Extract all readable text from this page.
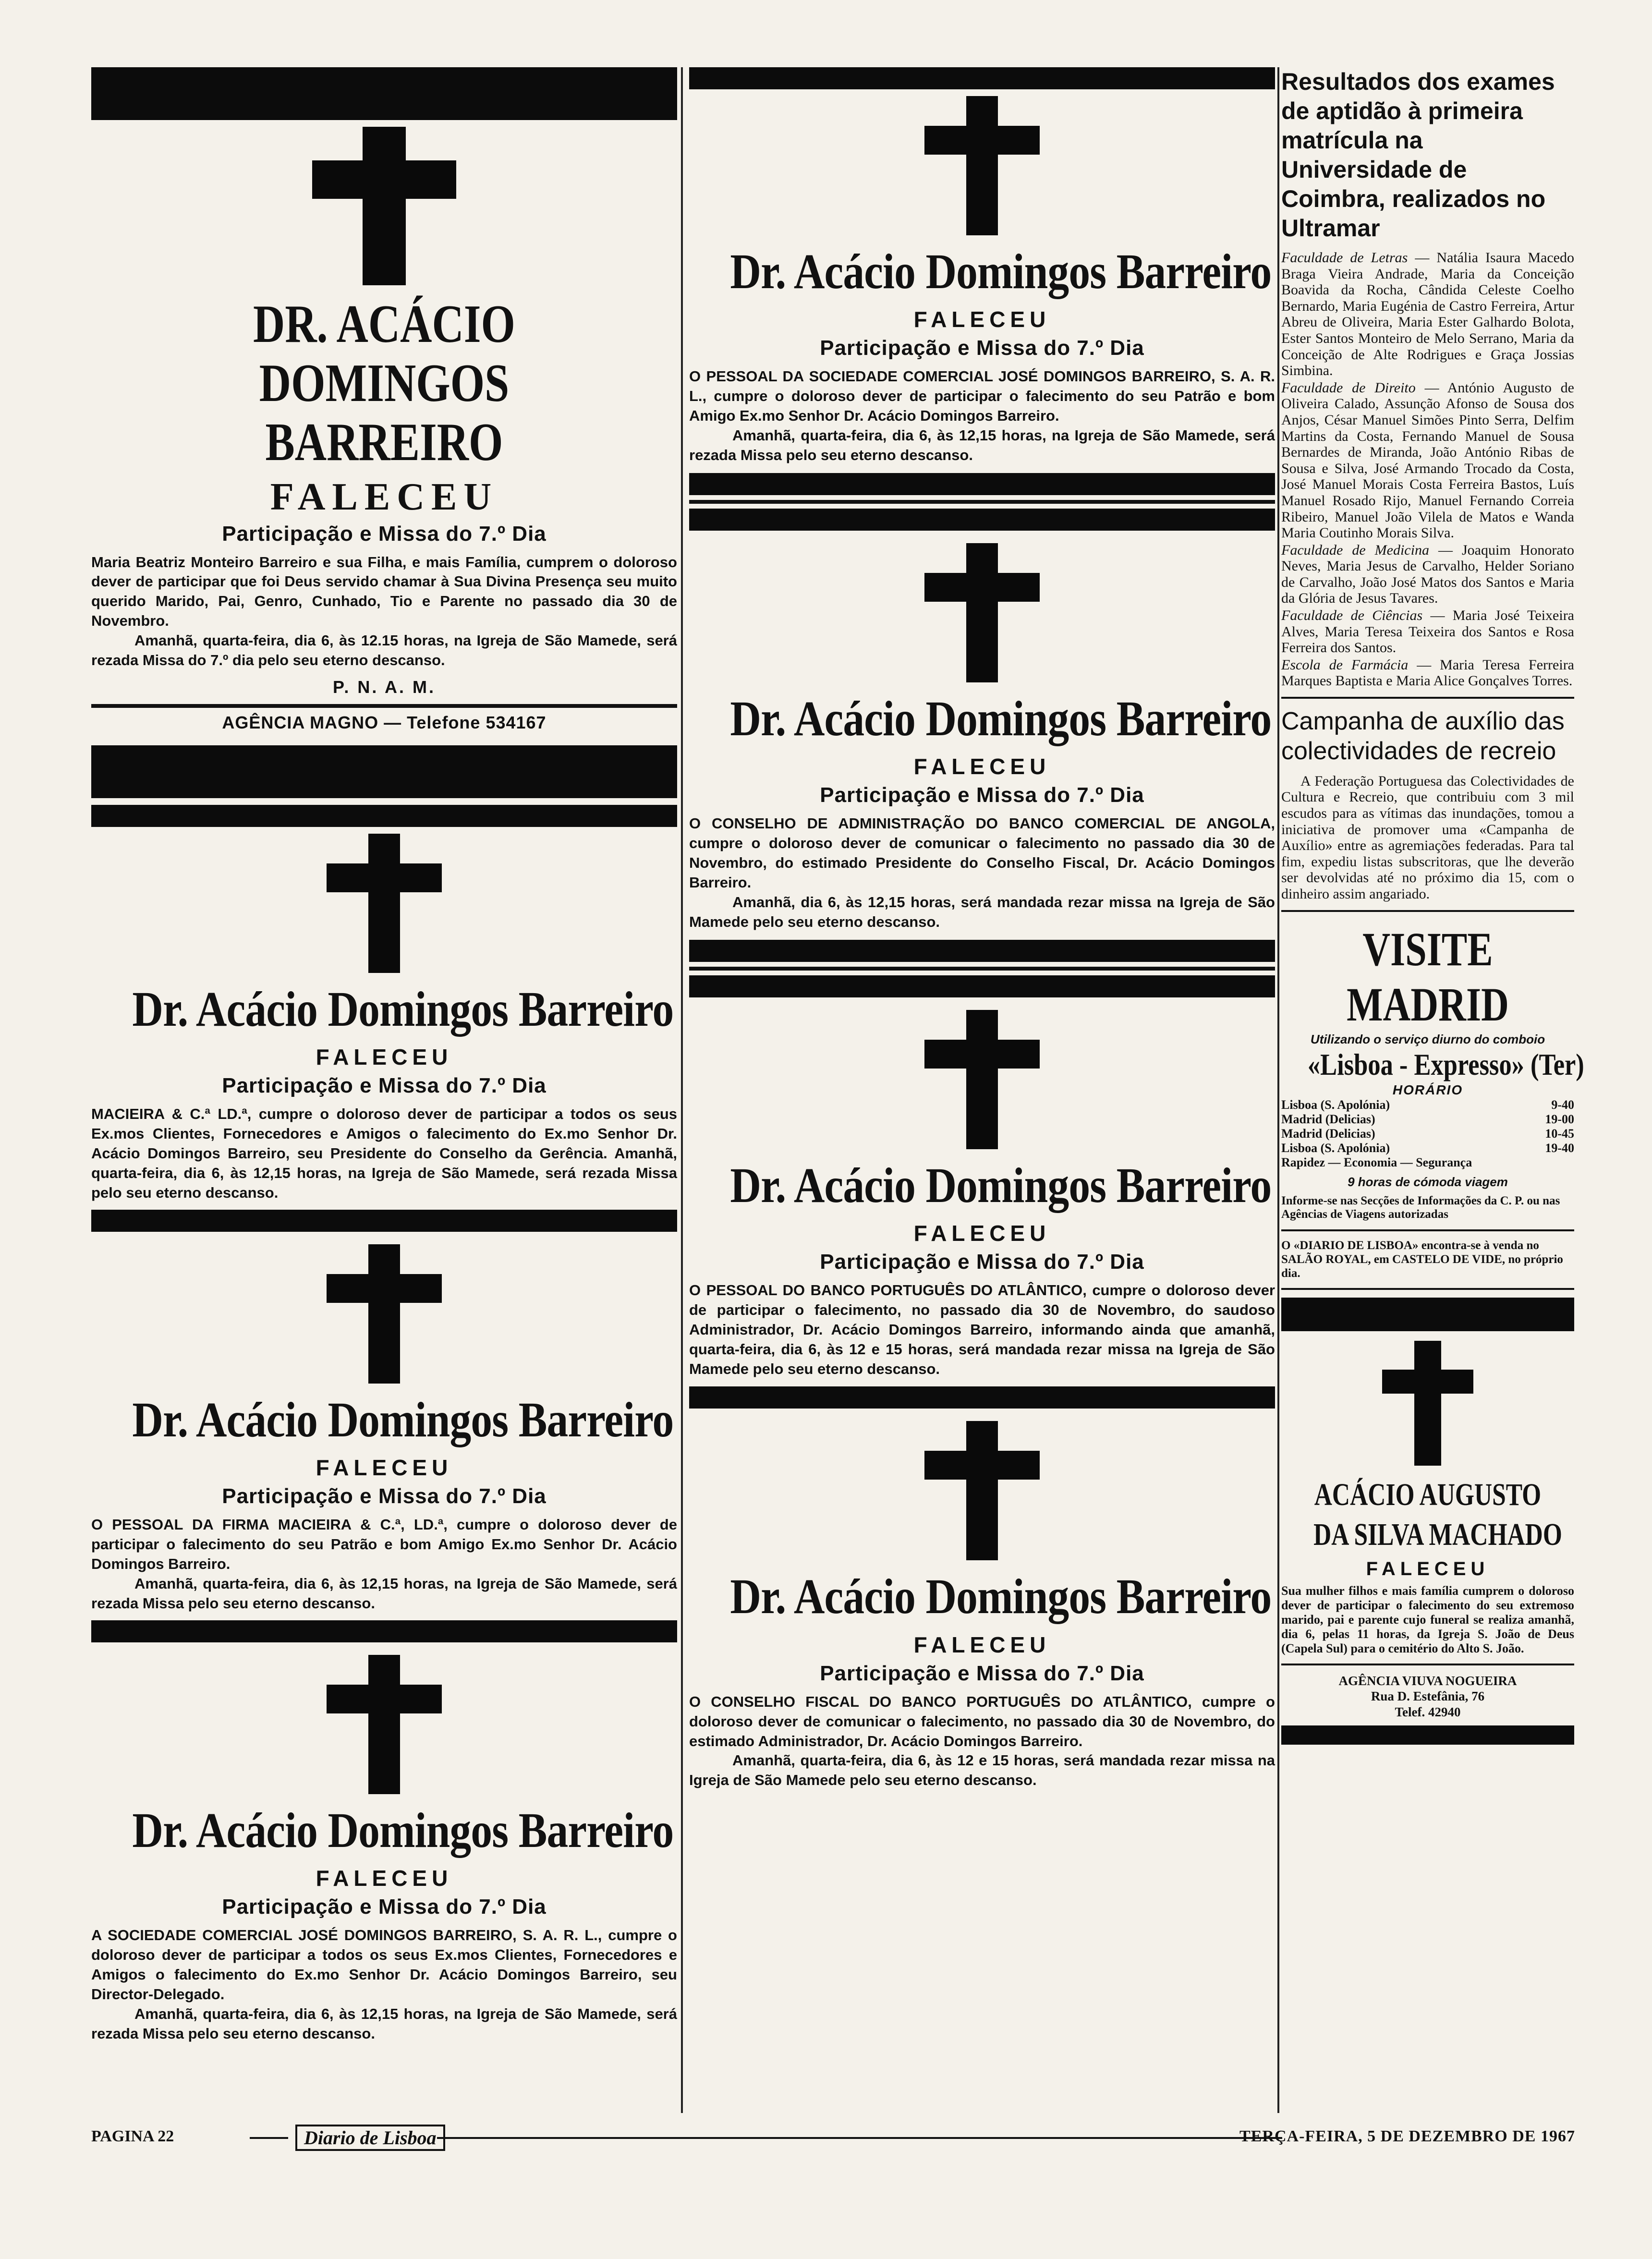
DR. ACÁCIO DOMINGOS
BARREIRO
FALECEU
Participação e Missa do 7.º Dia

Maria Beatriz Monteiro Barreiro e sua Filha, e mais Família, cumprem o doloroso dever de participar que foi Deus servido chamar à Sua Divina Presença seu muito querido Marido, Pai, Genro, Cunhado, Tio e Parente no passado dia 30 de Novembro.

Amanhã, quarta-feira, dia 6, às 12.15 horas, na Igreja de São Mamede, será rezada Missa do 7.º dia pelo seu eterno descanso.

P. N. A. M.
AGÊNCIA MAGNO — Telefone 534167
Dr. Acácio Domingos Barreiro
FALECEU
Participação e Missa do 7.º Dia

MACIEIRA & C.ª LD.ª, cumpre o doloroso dever de participar a todos os seus Ex.mos Clientes, Fornecedores e Amigos o falecimento do Ex.mo Senhor Dr. Acácio Domingos Barreiro, seu Presidente do Conselho da Gerência. Amanhã, quarta-feira, dia 6, às 12,15 horas, na Igreja de São Mamede, será rezada Missa pelo seu eterno descanso.

Dr. Acácio Domingos Barreiro
FALECEU
Participação e Missa do 7.º Dia

O PESSOAL DA FIRMA MACIEIRA & C.ª, LD.ª, cumpre o doloroso dever de participar o falecimento do seu Patrão e bom Amigo Ex.mo Senhor Dr. Acácio Domingos Barreiro.

Amanhã, quarta-feira, dia 6, às 12,15 horas, na Igreja de São Mamede, será rezada Missa pelo seu eterno descanso.

Dr. Acácio Domingos Barreiro
FALECEU
Participação e Missa do 7.º Dia

A SOCIEDADE COMERCIAL JOSÉ DOMINGOS BARREIRO, S. A. R. L., cumpre o doloroso dever de participar a todos os seus Ex.mos Clientes, Fornecedores e Amigos o falecimento do Ex.mo Senhor Dr. Acácio Domingos Barreiro, seu Director-Delegado.

Amanhã, quarta-feira, dia 6, às 12,15 horas, na Igreja de São Mamede, será rezada Missa pelo seu eterno descanso.

Dr. Acácio Domingos Barreiro
FALECEU
Participação e Missa do 7.º Dia

O PESSOAL DA SOCIEDADE COMERCIAL JOSÉ DOMINGOS BARREIRO, S. A. R. L., cumpre o doloroso dever de participar o falecimento do seu Patrão e bom Amigo Ex.mo Senhor Dr. Acácio Domingos Barreiro.

Amanhã, quarta-feira, dia 6, às 12,15 horas, na Igreja de São Mamede, será rezada Missa pelo seu eterno descanso.

Dr. Acácio Domingos Barreiro
FALECEU
Participação e Missa do 7.º Dia

O CONSELHO DE ADMINISTRAÇÃO DO BANCO COMERCIAL DE ANGOLA, cumpre o doloroso dever de comunicar o falecimento no passado dia 30 de Novembro, do estimado Presidente do Conselho Fiscal, Dr. Acácio Domingos Barreiro.

Amanhã, dia 6, às 12,15 horas, será mandada rezar missa na Igreja de São Mamede pelo seu eterno descanso.

Dr. Acácio Domingos Barreiro
FALECEU
Participação e Missa do 7.º Dia

O PESSOAL DO BANCO PORTUGUÊS DO ATLÂNTICO, cumpre o doloroso dever de participar o falecimento, no passado dia 30 de Novembro, do saudoso Administrador, Dr. Acácio Domingos Barreiro, informando ainda que amanhã, quarta-feira, dia 6, às 12 e 15 horas, será mandada rezar missa na Igreja de São Mamede pelo seu eterno descanso.

Dr. Acácio Domingos Barreiro
FALECEU
Participação e Missa do 7.º Dia

O CONSELHO FISCAL DO BANCO PORTUGUÊS DO ATLÂNTICO, cumpre o doloroso dever de comunicar o falecimento, no passado dia 30 de Novembro, do estimado Administrador, Dr. Acácio Domingos Barreiro.

Amanhã, quarta-feira, dia 6, às 12 e 15 horas, será mandada rezar missa na Igreja de São Mamede pelo seu eterno descanso.

Resultados dos exames de aptidão à primeira matrícula na Universidade de Coimbra, realizados no Ultramar

Faculdade de Letras — Natália Isaura Macedo Braga Vieira Andrade, Maria da Conceição Boavida da Rocha, Cândida Celeste Coelho Bernardo, Maria Eugénia de Castro Ferreira, Artur Abreu de Oliveira, Maria Ester Galhardo Bolota, Ester Santos Monteiro de Melo Serrano, Maria da Conceição de Alte Rodrigues e Graça Jossias Simbina.

Faculdade de Direito — António Augusto de Oliveira Calado, Assunção Afonso de Sousa dos Anjos, César Manuel Simões Pinto Serra, Delfim Martins da Costa, Fernando Manuel de Sousa Bernardes de Miranda, João António Ribas de Sousa e Silva, José Armando Trocado da Costa, José Manuel Morais Costa Ferreira Bastos, Luís Manuel Rosado Rijo, Manuel Fernando Correia Ribeiro, Manuel João Vilela de Matos e Wanda Maria Coutinho Morais Silva.

Faculdade de Medicina — Joaquim Honorato Neves, Maria Jesus de Carvalho, Helder Soriano de Carvalho, João José Matos dos Santos e Maria da Glória de Jesus Tavares.

Faculdade de Ciências — Maria José Teixeira Alves, Maria Teresa Teixeira dos Santos e Rosa Ferreira dos Santos.

Escola de Farmácia — Maria Teresa Ferreira Marques Baptista e Maria Alice Gonçalves Torres.

Campanha de auxílio das colectividades de recreio

A Federação Portuguesa das Colectividades de Cultura e Recreio, que contribuiu com 3 mil escudos para as vítimas das inundações, tomou a iniciativa de promover uma «Campanha de Auxílio» entre as agremiações federadas. Para tal fim, expediu listas subscritoras, que lhe deverão ser devolvidas até no próximo dia 15, com o dinheiro assim angariado.

VISITE MADRID
Utilizando o serviço diurno do comboio
«Lisboa - Expresso» (Ter)
HORÁRIO
Lisboa (S. Apolónia)	9-40
Madrid (Delicias)	19-00
Madrid (Delicias)	10-45
Lisboa (S. Apolónia)	19-40
Rapidez — Economia — Segurança
9 horas de cómoda viagem
Informe-se nas Secções de Informações da C. P. ou nas Agências de Viagens autorizadas
O «DIARIO DE LISBOA» encontra-se à venda no SALÃO ROYAL, em CASTELO DE VIDE, no próprio dia.
ACÁCIO AUGUSTO
DA SILVA MACHADO
FALECEU
Sua mulher filhos e mais família cumprem o doloroso dever de participar o falecimento do seu extremoso marido, pai e parente cujo funeral se realiza amanhã, dia 6, pelas 11 horas, da Igreja S. João de Deus (Capela Sul) para o cemitério do Alto S. João.
AGÊNCIA VIUVA NOGUEIRA
Rua D. Estefânia, 76
Telef. 42940
PAGINA 22	Diario de Lisboa	TERÇA-FEIRA, 5 DE DEZEMBRO DE 1967
